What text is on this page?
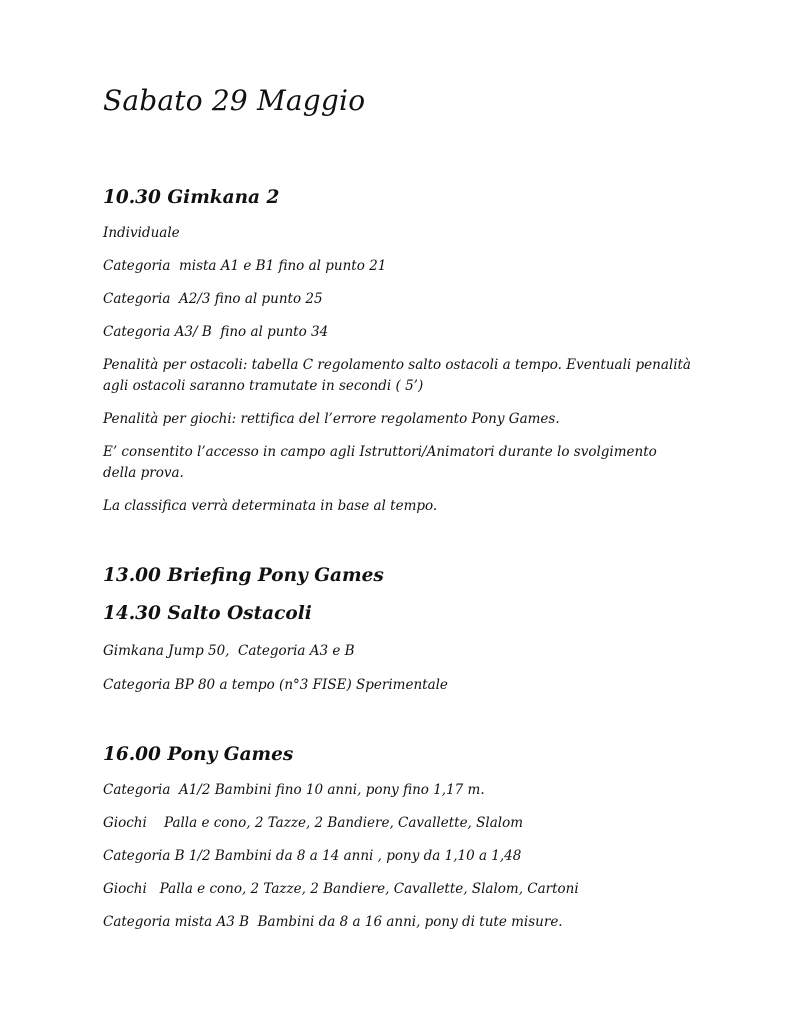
Sabato 29 Maggio
10.30 Gimkana 2

Individuale

Categoria  mista A1 e B1 fino al punto 21

Categoria  A2/3 fino al punto 25

Categoria A3/ B  fino al punto 34

Penalità per ostacoli: tabella C regolamento salto ostacoli a tempo. Eventuali penalità agli ostacoli saranno tramutate in secondi ( 5’)

Penalità per giochi: rettifica del l’errore regolamento Pony Games.

E’ consentito l’accesso in campo agli Istruttori/Animatori durante lo svolgimento della prova.

La classifica verrà determinata in base al tempo.

13.00 Briefing Pony Games
14.30 Salto Ostacoli

Gimkana Jump 50,  Categoria A3 e B

Categoria BP 80 a tempo (n°3 FISE) Sperimentale

16.00 Pony Games

Categoria  A1/2 Bambini fino 10 anni, pony fino 1,17 m.

Giochi    Palla e cono, 2 Tazze, 2 Bandiere, Cavallette, Slalom

Categoria B 1/2 Bambini da 8 a 14 anni , pony da 1,10 a 1,48

Giochi   Palla e cono, 2 Tazze, 2 Bandiere, Cavallette, Slalom, Cartoni

Categoria mista A3 B  Bambini da 8 a 16 anni, pony di tute misure.
